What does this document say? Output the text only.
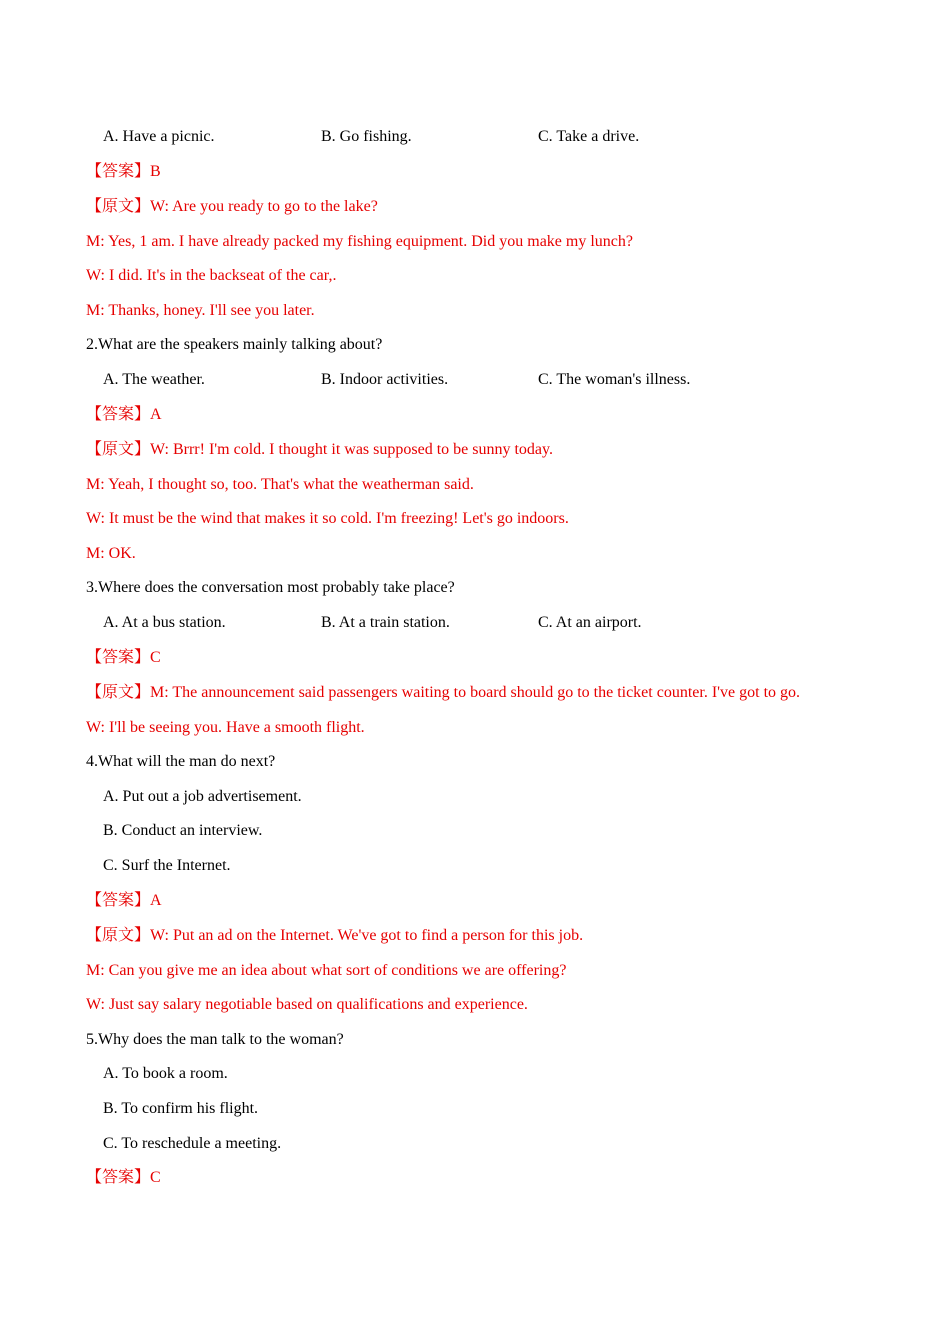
A. Have a picnic.	B. Go fishing.	C. Take a drive.
【答案】B
【原文】W: Are you ready to go to the lake?
M: Yes, 1 am. I have already packed my fishing equipment. Did you make my lunch?
W: I did. It's in the backseat of the car,.
M: Thanks, honey. I'll see you later.
2.What are the speakers mainly talking about?
A. The weather.	B. Indoor activities.	C. The woman's illness.
【答案】A
【原文】W: Brrr! I'm cold. I thought it was supposed to be sunny today.
M: Yeah, I thought so, too. That's what the weatherman said.
W: It must be the wind that makes it so cold. I'm freezing! Let's go indoors.
M: OK.
3.Where does the conversation most probably take place?
A. At a bus station.	B. At a train station.	C. At an airport.
【答案】C
【原文】M: The announcement said passengers waiting to board should go to the ticket counter. I've got to go.
W: I'll be seeing you. Have a smooth flight.
4.What will the man do next?
A. Put out a job advertisement.
B. Conduct an interview.
C. Surf the Internet.
【答案】A
【原文】W: Put an ad on the Internet. We've got to find a person for this job.
M: Can you give me an idea about what sort of conditions we are offering?
W: Just say salary negotiable based on qualifications and experience.
5.Why does the man talk to the woman?
A. To book a room.
B. To confirm his flight.
C. To reschedule a meeting.
【答案】C
